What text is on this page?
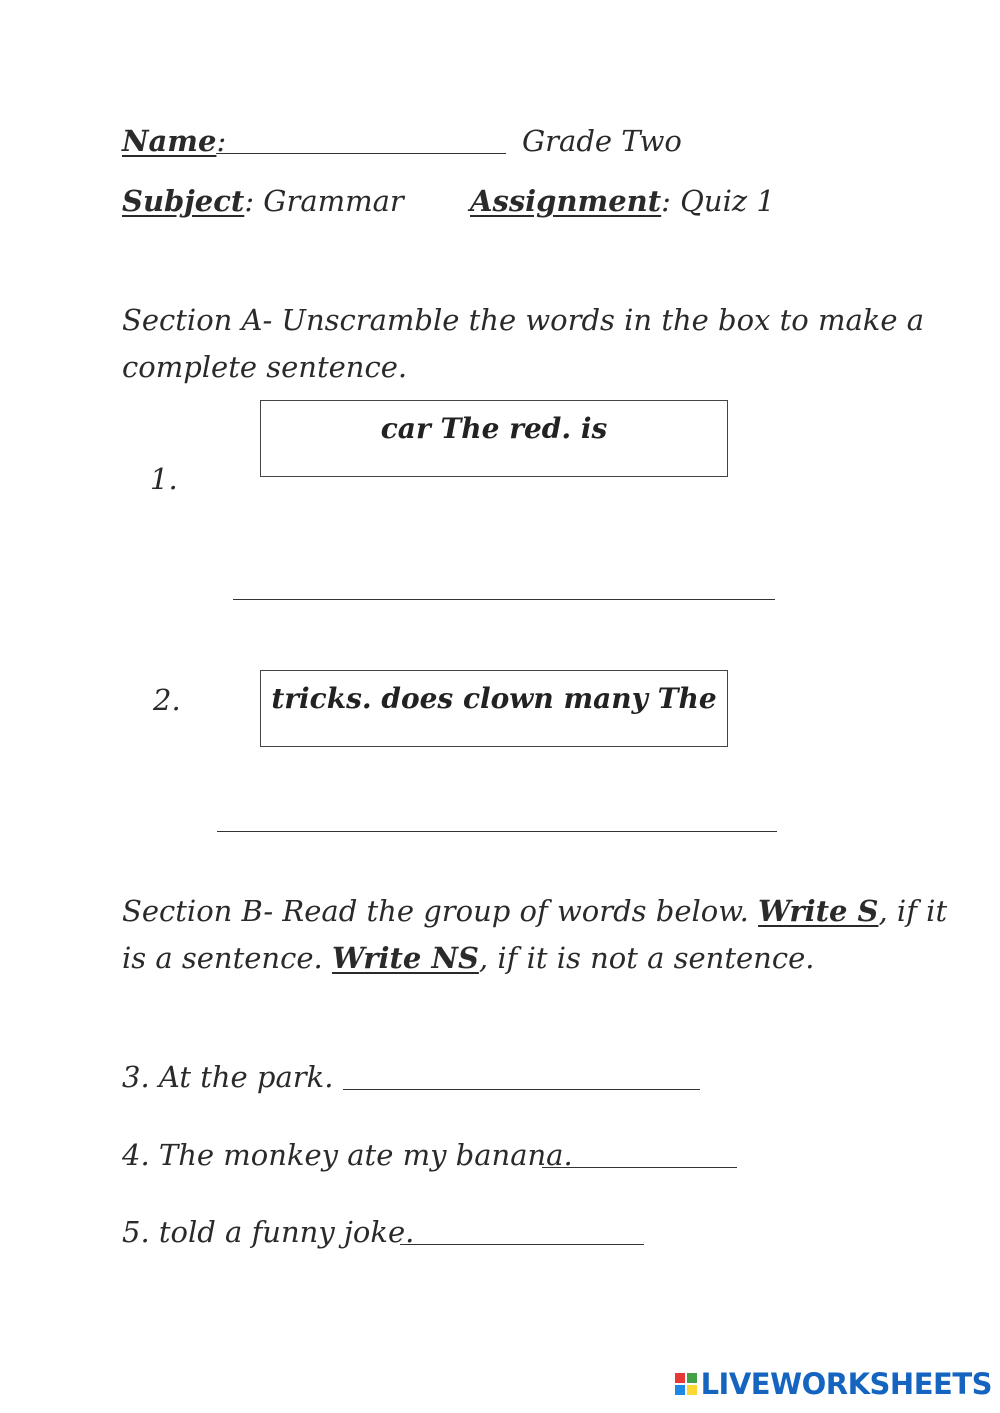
Name:	Grade Two
Subject: Grammar Assignment: Quiz 1
Section A- Unscramble the words in the box to make a
complete sentence.
car The red. is
1.
2.	tricks. does clown many The
Section B- Read the group of words below. Write S, if it
is a sentence. Write NS, if it is not a sentence.
3. At the park.
4. The monkey ate my banana.
5. told a funny joke.
LIVEWORKSHEETS
